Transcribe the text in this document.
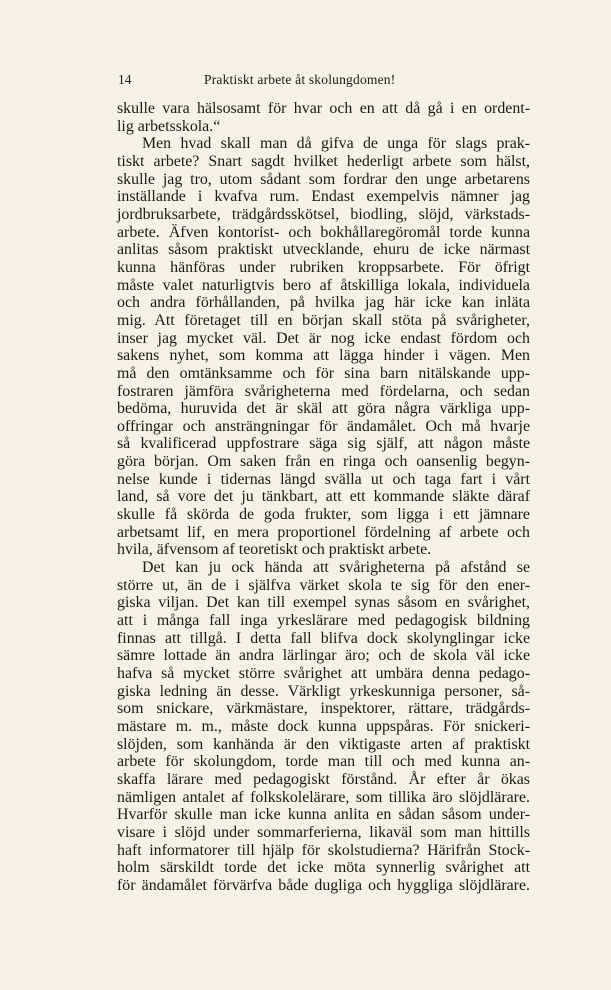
14	Praktiskt arbete åt skolungdomen!
skulle vara hälsosamt för hvar och en att då gå i en ordent-
lig arbetsskola.“
Men hvad skall man då gifva de unga för slags prak-
tiskt arbete? Snart sagdt hvilket hederligt arbete som hälst,
skulle jag tro, utom sådant som fordrar den unge arbetarens
inställande i kvafva rum. Endast exempelvis nämner jag
jordbruksarbete, trädgårdsskötsel, biodling, slöjd, värkstads-
arbete. Äfven kontorist- och bokhållaregöromål torde kunna
anlitas såsom praktiskt utvecklande, ehuru de icke närmast
kunna hänföras under rubriken kroppsarbete. För öfrigt
måste valet naturligtvis bero af åtskilliga lokala, individuela
och andra förhållanden, på hvilka jag här icke kan inläta
mig. Att företaget till en början skall stöta på svårigheter,
inser jag mycket väl. Det är nog icke endast fördom och
sakens nyhet, som komma att lägga hinder i vägen. Men
må den omtänksamme och för sina barn nitälskande upp-
fostraren jämföra svårigheterna med fördelarna, och sedan
bedöma, huruvida det är skäl att göra några värkliga upp-
offringar och ansträngningar för ändamålet. Och må hvarje
så kvalificerad uppfostrare säga sig själf, att någon måste
göra början. Om saken från en ringa och oansenlig begyn-
nelse kunde i tidernas längd svälla ut och taga fart i vårt
land, så vore det ju tänkbart, att ett kommande släkte däraf
skulle få skörda de goda frukter, som ligga i ett jämnare
arbetsamt lif, en mera proportionel fördelning af arbete och
hvila, äfvensom af teoretiskt och praktiskt arbete.
Det kan ju ock hända att svårigheterna på afstånd se
större ut, än de i själfva värket skola te sig för den ener-
giska viljan. Det kan till exempel synas såsom en svårighet,
att i många fall inga yrkeslärare med pedagogisk bildning
finnas att tillgå. I detta fall blifva dock skolynglingar icke
sämre lottade än andra lärlingar äro; och de skola väl icke
hafva så mycket större svårighet att umbära denna pedago-
giska ledning än desse. Värkligt yrkeskunniga personer, så-
som snickare, värkmästare, inspektorer, rättare, trädgårds-
mästare m. m., måste dock kunna uppspåras. För snickeri-
slöjden, som kanhända är den viktigaste arten af praktiskt
arbete för skolungdom, torde man till och med kunna an-
skaffa lärare med pedagogiskt förstånd. År efter år ökas
nämligen antalet af folkskolelärare, som tillika äro slöjdlärare.
Hvarför skulle man icke kunna anlita en sådan såsom under-
visare i slöjd under sommarferierna, likaväl som man hittills
haft informatorer till hjälp för skolstudierna? Härifrån Stock-
holm särskildt torde det icke möta synnerlig svårighet att
för ändamålet förvärfva både dugliga och hyggliga slöjdlärare.
